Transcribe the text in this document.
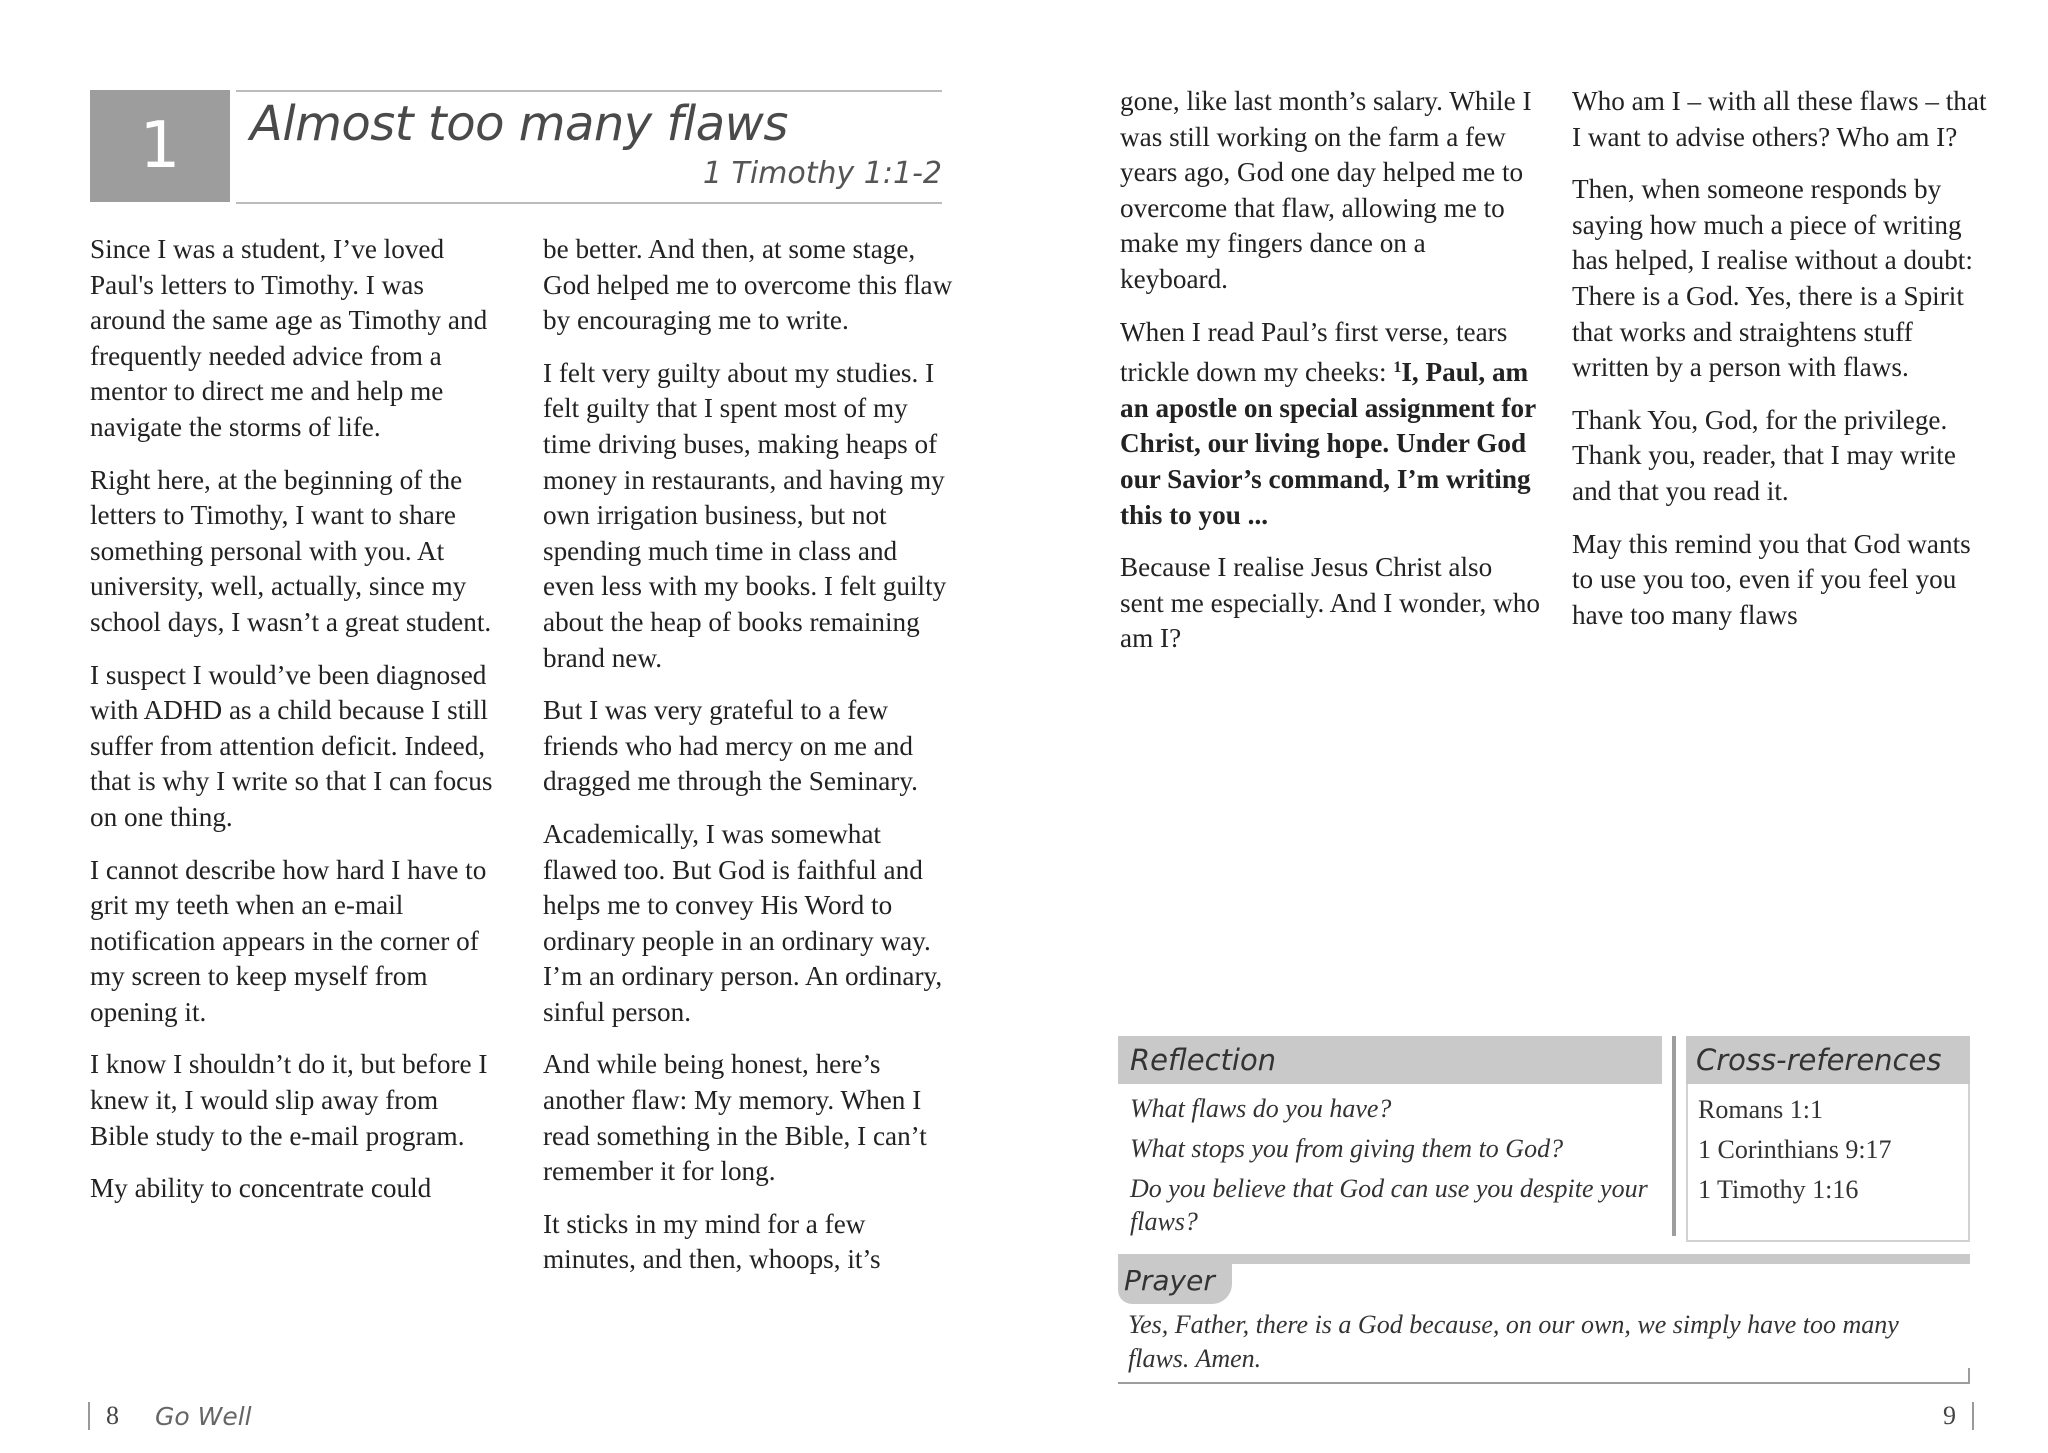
1	Almost too many flaws
1 Timothy 1:1-2

Since I was a student, I’ve loved Paul's letters to Timothy. I was around the same age as Timothy and frequently needed advice from a mentor to direct me and help me navigate the storms of life.

Right here, at the beginning of the letters to Timothy, I want to share something personal with you. At university, well, actually, since my school days, I wasn’t a great student.

I suspect I would’ve been diagnosed with ADHD as a child because I still suffer from attention deficit. Indeed, that is why I write so that I can focus on one thing.

I cannot describe how hard I have to grit my teeth when an e-mail notification appears in the corner of my screen to keep myself from opening it.

I know I shouldn’t do it, but before I knew it, I would slip away from Bible study to the e-mail program.

My ability to concentrate could

be better. And then, at some stage, God helped me to overcome this flaw by encouraging me to write.

I felt very guilty about my studies. I felt guilty that I spent most of my time driving buses, making heaps of money in restaurants, and having my own irrigation business, but not spending much time in class and even less with my books. I felt guilty about the heap of books remaining brand new.

But I was very grateful to a few friends who had mercy on me and dragged me through the Seminary.

Academically, I was somewhat flawed too. But God is faithful and helps me to convey His Word to ordinary people in an ordinary way. I’m an ordinary person. An ordinary, sinful person.

And while being honest, here’s another flaw: My memory. When I read something in the Bible, I can’t remember it for long.

It sticks in my mind for a few minutes, and then, whoops, it’s

gone, like last month’s salary. While I was still working on the farm a few years ago, God one day helped me to overcome that flaw, allowing me to make my fingers dance on a keyboard.

When I read Paul’s first verse, tears trickle down my cheeks: $^1$I, Paul, am an apostle on special assignment for Christ, our living hope. Under God our Savior’s command, I’m writing this to you ...

Because I realise Jesus Christ also sent me especially. And I wonder, who am I?

Who am I – with all these flaws – that I want to advise others? Who am I?

Then, when someone responds by saying how much a piece of writing has helped, I realise without a doubt: There is a God. Yes, there is a Spirit that works and straightens stuff written by a person with flaws.

Thank You, God, for the privilege. Thank you, reader, that I may write and that you read it.

May this remind you that God wants to use you too, even if you feel you have too many flaws

Reflection
What flaws do you have?
What stops you from giving them to God?
Do you believe that God can use you despite your flaws?
Cross-references
Romans 1:1
1 Corinthians 9:17
1 Timothy 1:16
Prayer
Yes, Father, there is a God because, on our own, we simply have too many flaws. Amen.
8 Go Well	9
